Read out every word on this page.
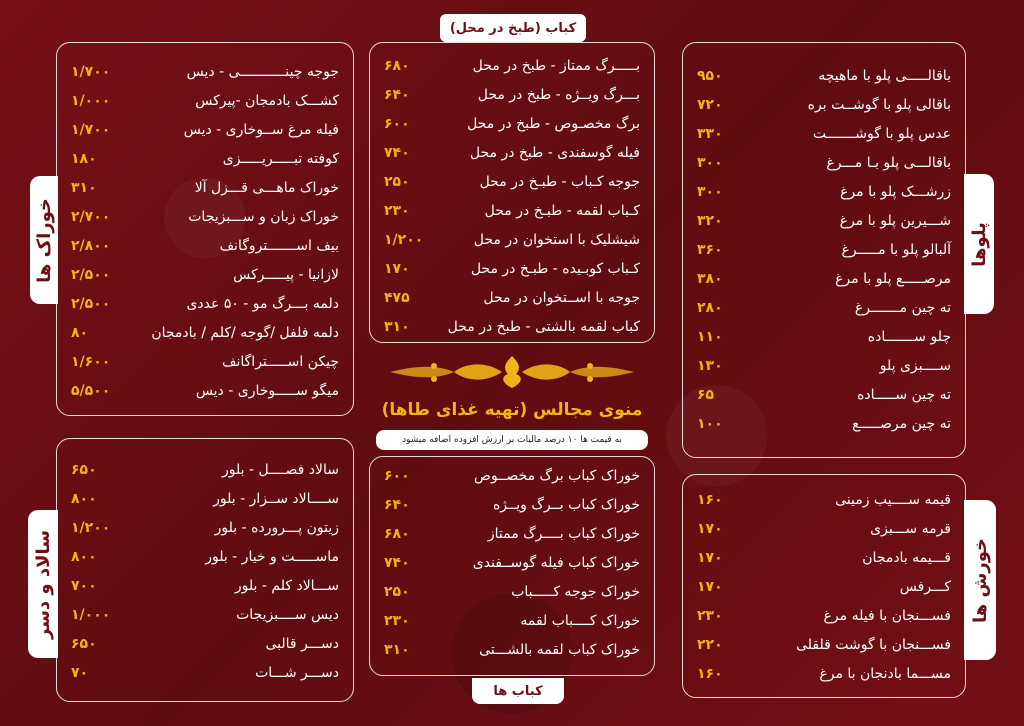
کباب (طبخ در محل)
بـــــرگ ممتاز - طبخ در محل
۶۸۰
بـــرگ ویــژه - طبخ در محل
۶۴۰
برگ مخصـوص - طبخ در محل
۶۰۰
فیله گوسفندی - طبخ در محل
۷۴۰
جوجه کـباب - طبـخ در محل
۲۵۰
کـباب لقمه - طبـخ در محل
۲۳۰
شیشلیک با استخوان در محل
۱/۲۰۰
کـباب کوبـیده - طبـخ در محل
۱۷۰
جوجه با اســتخوان در محل
۴۷۵
کباب لقمه بالشتی - طبخ در محل
۳۱۰
جوجه چینـــــــــــی - دیس
۱/۷۰۰
کشـــک بادمجان -پیرکس
۱/۰۰۰
فیله مرغ ســوخاری - دیس
۱/۷۰۰
کوفته تبـــــریـــــزی
۱۸۰
خوراک ماهـــی قـــزل آلا
۳۱۰
خوراک زبان و ســـبزیجات
۲/۷۰۰
بیف اســـــــتروگانف
۲/۸۰۰
لازانیا - پیـــــرکس
۲/۵۰۰
دلمه بـــرگ مو - ۵۰ عددی
۲/۵۰۰
دلمه فلفل /گوجه /کلم / بادمجان
۸۰
چیکن اســـــتراگانف
۱/۶۰۰
میگو ســـــوخاری - دیس
۵/۵۰۰
خوراک ها
باقالـــــی پلو با ماهیچه
۹۵۰
باقالی پلو با گوشــت بره
۷۲۰
عدس پلو با گوشـــــــت
۳۳۰
باقالـــی پلو بـا مـــرغ
۳۰۰
زرشـــک پلو با مرغ
۳۰۰
شـــیرین پلو با مرغ
۳۲۰
آلبالو پلو با مـــــرغ
۳۶۰
مرصـــــع پلو با مرغ
۳۸۰
ته چین مـــــــرغ
۲۸۰
چلو ســـــــاده
۱۱۰
ســــبزی پلو
۱۳۰
ته چین ســـــاده
۶۵
ته چین مرصـــــع
۱۰۰
پلوها
منوی مجالس (تهیه غذای طاها)
به قیمت ها ۱۰ درصد مالیات بر ارزش افزوده اضافه میشود
خوراک کباب برگ مخصــوص
۶۰۰
خوراک کباب بــرگ ویــژه
۶۴۰
خوراک کباب بــــرگ ممتاز
۶۸۰
خوراک کباب فیله گوســفندی
۷۴۰
خوراک جوجه کـــــباب
۲۵۰
خوراک کــــباب لقمه
۲۳۰
خوراک کباب لقمه بالشـــتی
۳۱۰
کباب ها
سالاد فصــــل - بلور
۶۵۰
ســــالاد ســزار - بلور
۸۰۰
زیتون پـــرورده - بلور
۱/۲۰۰
ماســـــت و خیار - بلور
۸۰۰
ســـالاد کلم - بلور
۷۰۰
دیس ســــبزیجات
۱/۰۰۰
دســـر قالبی
۶۵۰
دســـر شـــات
۷۰
سالاد و دسر
قیمه ســــیب زمینی
۱۶۰
قرمه ســـبزی
۱۷۰
قـــیمه بادمجان
۱۷۰
کـــرفس
۱۷۰
فســـنجان با فیله مرغ
۲۳۰
فســـنجان با گوشت قلقلی
۲۲۰
مســـما بادنجان با مرغ
۱۶۰
خورش ها
